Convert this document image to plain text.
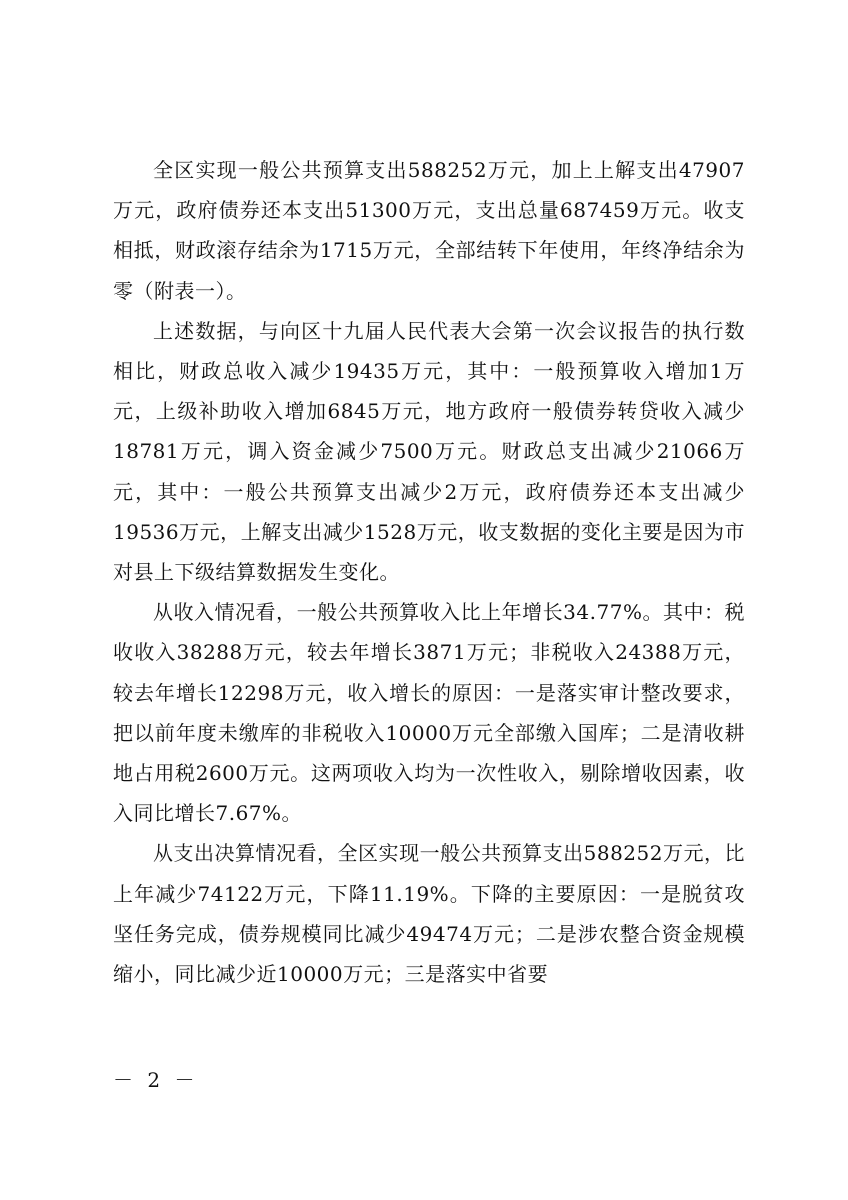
全区实现一般公共预算支出588252万元，加上上解支出47907万元，政府债券还本支出51300万元，支出总量687459万元。收支相抵，财政滚存结余为1715万元，全部结转下年使用，年终净结余为零（附表一）。

上述数据，与向区十九届人民代表大会第一次会议报告的执行数相比，财政总收入减少19435万元，其中：一般预算收入增加1万元，上级补助收入增加6845万元，地方政府一般债券转贷收入减少18781万元，调入资金减少7500万元。财政总支出减少21066万元，其中：一般公共预算支出减少2万元，政府债券还本支出减少19536万元，上解支出减少1528万元，收支数据的变化主要是因为市对县上下级结算数据发生变化。

从收入情况看，一般公共预算收入比上年增长34.77%。其中：税收收入38288万元，较去年增长3871万元；非税收入24388万元，较去年增长12298万元，收入增长的原因：一是落实审计整改要求，把以前年度未缴库的非税收入10000万元全部缴入国库；二是清收耕地占用税2600万元。这两项收入均为一次性收入，剔除增收因素，收入同比增长7.67%。

从支出决算情况看，全区实现一般公共预算支出588252万元，比上年减少74122万元，下降11.19%。下降的主要原因：一是脱贫攻坚任务完成，债券规模同比减少49474万元；二是涉农整合资金规模缩小，同比减少近10000万元；三是落实中省要

－ 2 －
